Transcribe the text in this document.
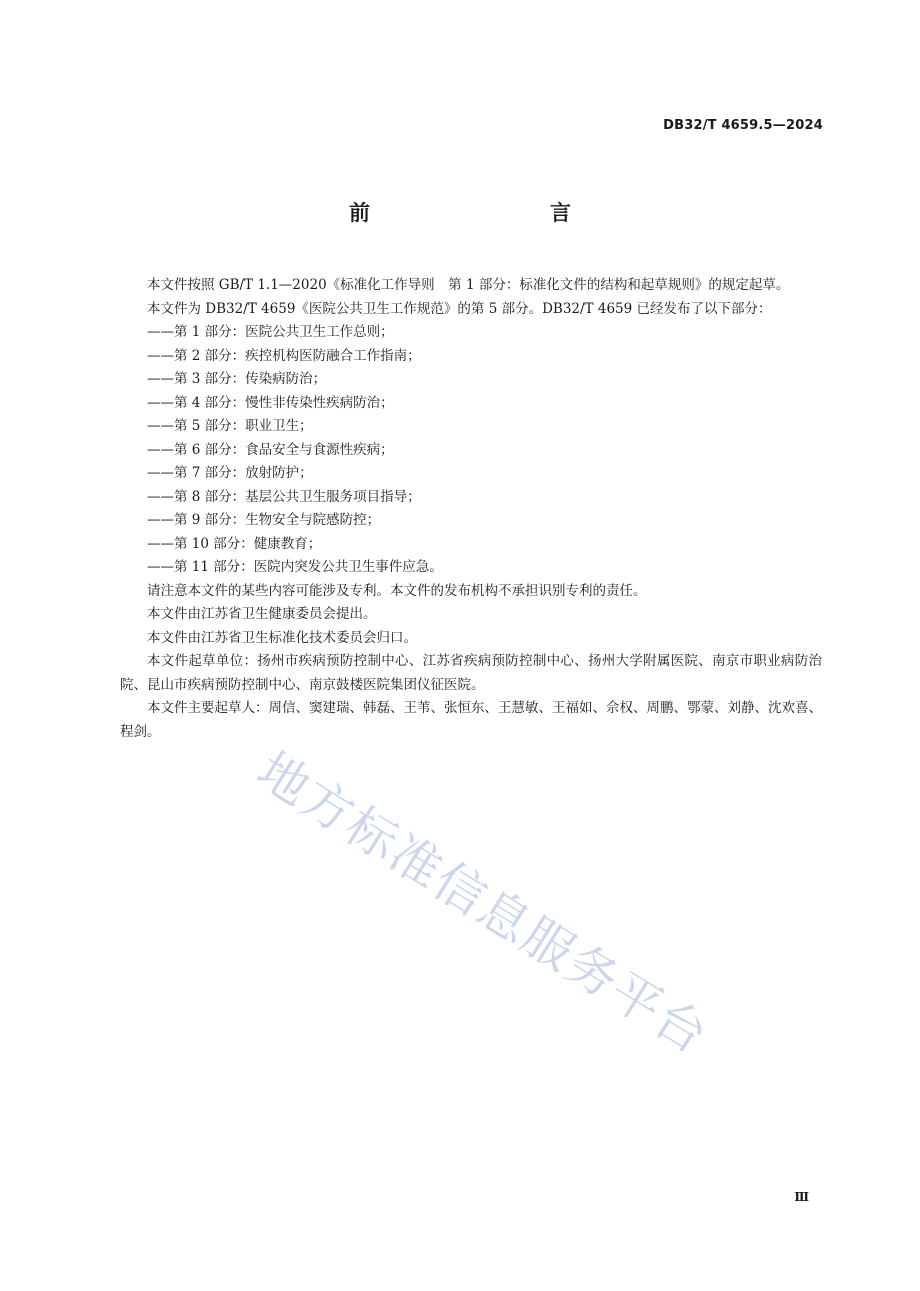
DB32/T 4659.5—2024
前　　言

本文件按照 GB/T 1.1—2020《标准化工作导则　第 1 部分：标准化文件的结构和起草规则》的规定起草。

本文件为 DB32/T 4659《医院公共卫生工作规范》的第 5 部分。DB32/T 4659 已经发布了以下部分：

——第 1 部分：医院公共卫生工作总则；

——第 2 部分：疾控机构医防融合工作指南；

——第 3 部分：传染病防治；

——第 4 部分：慢性非传染性疾病防治；

——第 5 部分：职业卫生；

——第 6 部分：食品安全与食源性疾病；

——第 7 部分：放射防护；

——第 8 部分：基层公共卫生服务项目指导；

——第 9 部分：生物安全与院感防控；

——第 10 部分：健康教育；

——第 11 部分：医院内突发公共卫生事件应急。

请注意本文件的某些内容可能涉及专利。本文件的发布机构不承担识别专利的责任。

本文件由江苏省卫生健康委员会提出。

本文件由江苏省卫生标准化技术委员会归口。

本文件起草单位：扬州市疾病预防控制中心、江苏省疾病预防控制中心、扬州大学附属医院、南京市职业病防治院、昆山市疾病预防控制中心、南京鼓楼医院集团仪征医院。

本文件主要起草人：周信、窦建瑞、韩磊、王苇、张恒东、王慧敏、王福如、佘权、周鹏、鄂蒙、刘静、沈欢喜、程剑。

地方标准信息服务平台
Ⅲ
